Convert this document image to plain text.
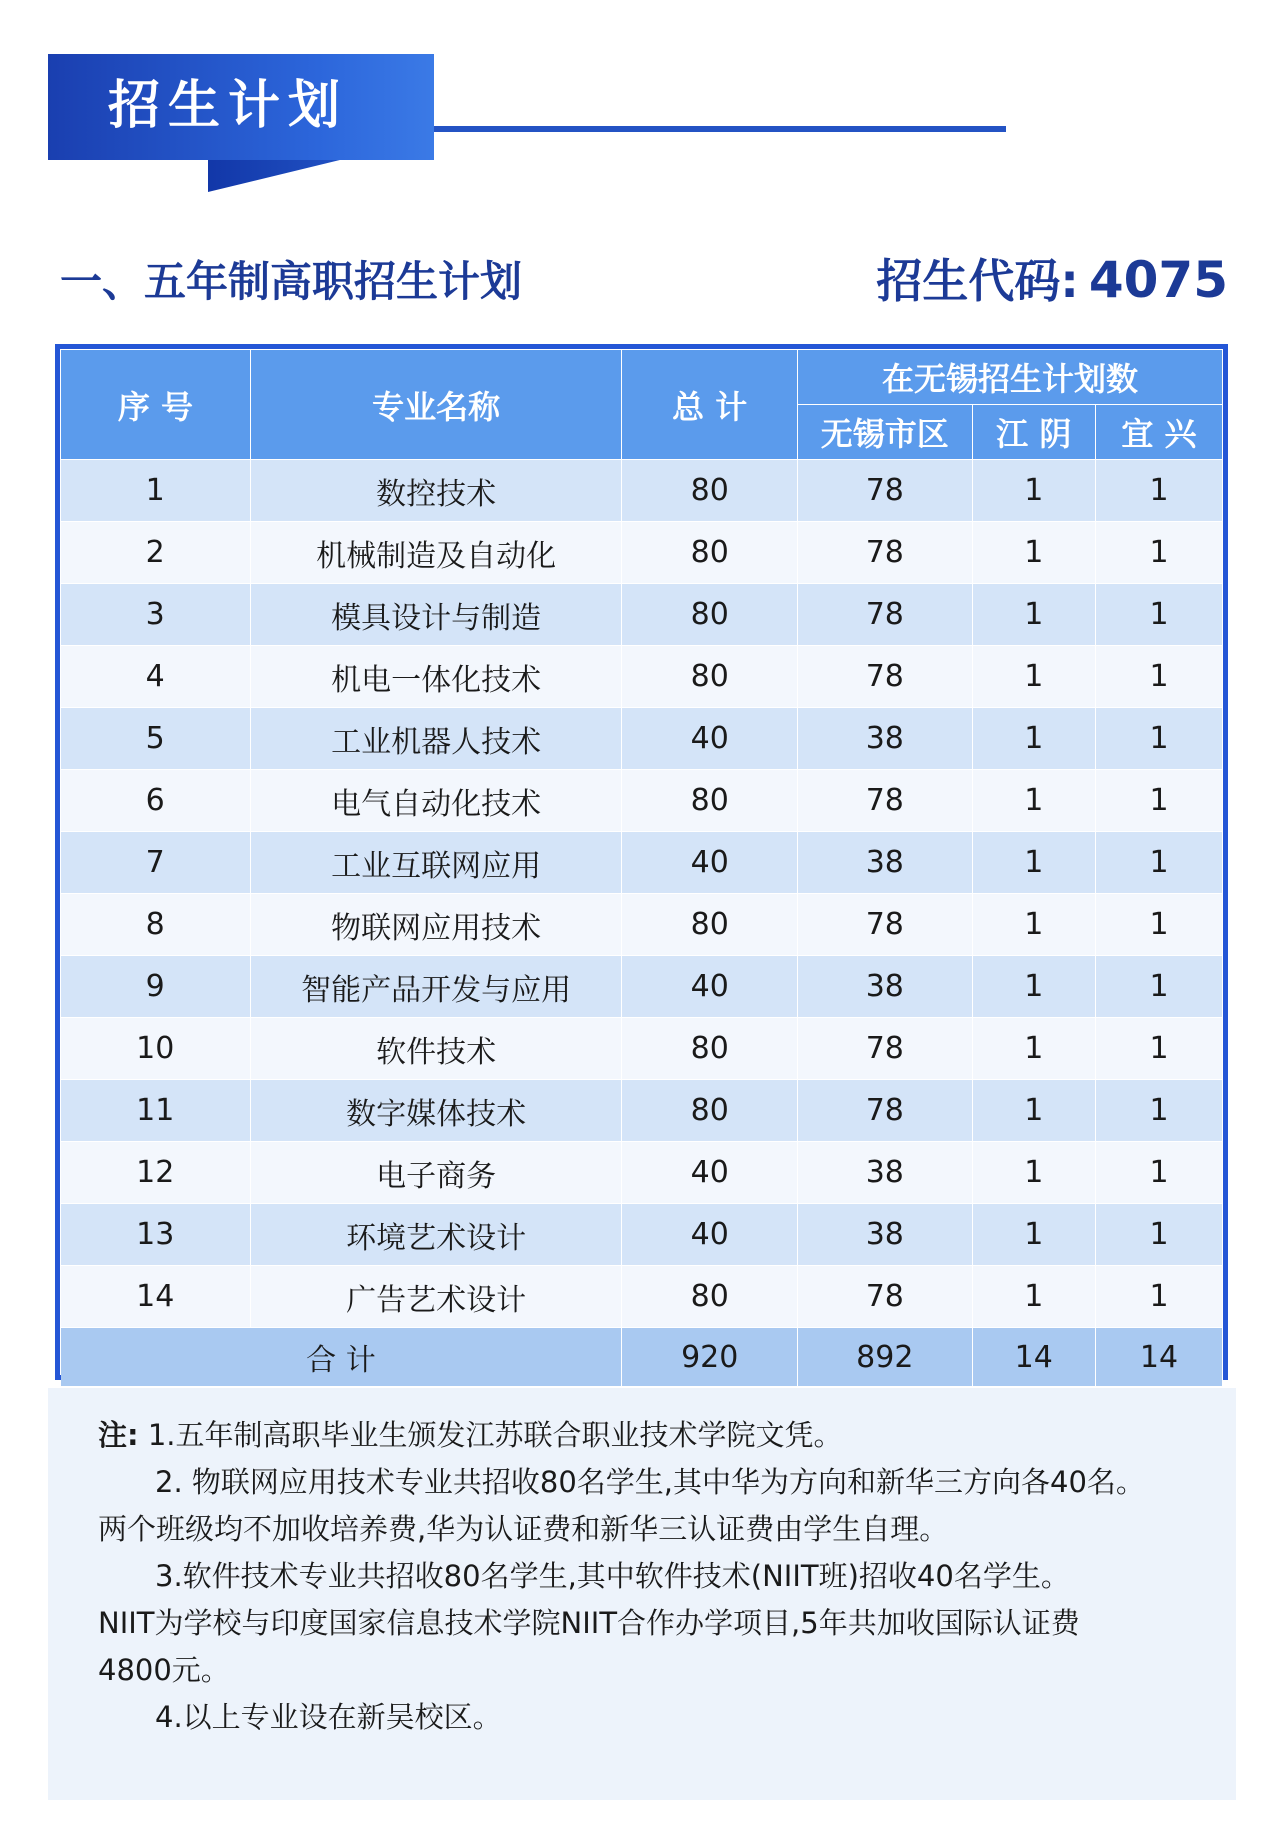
招生计划
一、五年制高职招生计划	招生代码: 4075
序 号	专业名称	总 计	在无锡招生计划数		
			无锡市区	江 阴	宜 兴
1	数控技术	80	78	1	1
2	机械制造及自动化	80	78	1	1
3	模具设计与制造	80	78	1	1
4	机电一体化技术	80	78	1	1
5	工业机器人技术	40	38	1	1
6	电气自动化技术	80	78	1	1
7	工业互联网应用	40	38	1	1
8	物联网应用技术	80	78	1	1
9	智能产品开发与应用	40	38	1	1
10	软件技术	80	78	1	1
11	数字媒体技术	80	78	1	1
12	电子商务	40	38	1	1
13	环境艺术设计	40	38	1	1
14	广告艺术设计	80	78	1	1
合 计		920	892	14	14
注: 1.五年制高职毕业生颁发江苏联合职业技术学院文凭。
2. 物联网应用技术专业共招收80名学生,其中华为方向和新华三方向各40名。
两个班级均不加收培养费,华为认证费和新华三认证费由学生自理。
3.软件技术专业共招收80名学生,其中软件技术(NIIT班)招收40名学生。
NIIT为学校与印度国家信息技术学院NIIT合作办学项目,5年共加收国际认证费
4800元。
4.以上专业设在新吴校区。
